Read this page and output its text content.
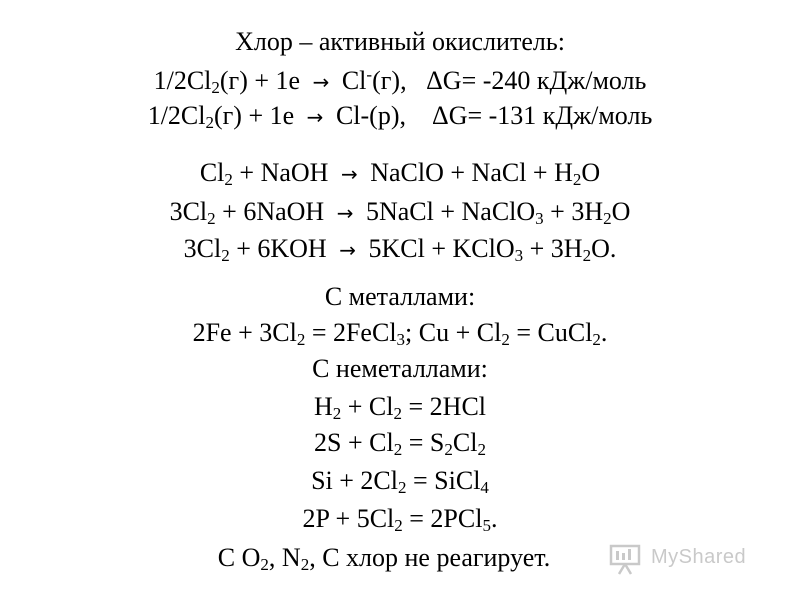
Хлор – активный окислитель:
$1/2Cl_2(г) + 1е \to Cl^-(г)$, ΔG= -240 кДж/моль
$1/2Cl_2(г) + 1е \to Cl-(р)$, ΔG= -131 кДж/моль
$Cl_2$ + NaOH → NaClO + NaCl + $H_2O$
$3Cl_2$ + 6NaOH → 5NaCl + NaClO$_3$ + $3H_2O$
$3Cl_2 + 6KOH \to 5KCl$ + KClO$_3$ + $3H_2O$.
С металлами:
$2Fe + 3Cl_2$ = 2FeCl$_3$; $Cu + Cl_2$ = CuCl$_2$.
С неметаллами:
$H_2 + Cl_2 = 2HCl$
$2S + Cl_2 = S_2Cl_2$
$Si + 2Cl_2$ = SiCl$_4$
$2P + 5Cl_2 = 2PCl_5$.
С $O_2$, $N_2$, С хлор не реагирует.	MyShared
